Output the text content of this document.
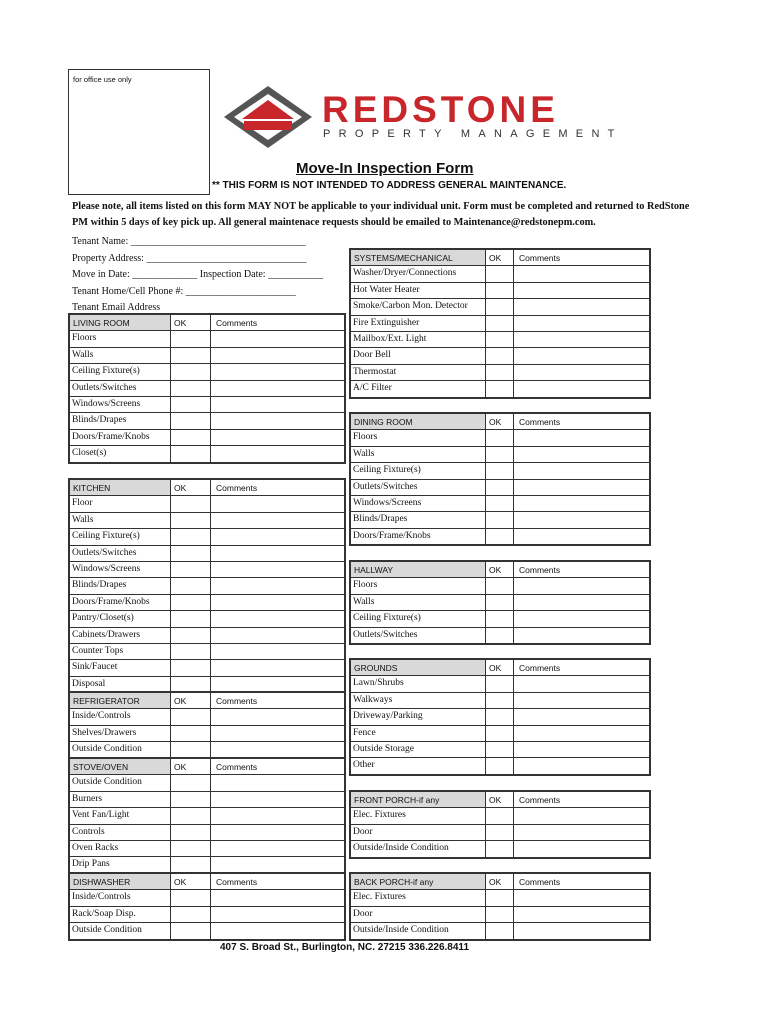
for office use only
REDSTONE
PROPERTY MANAGEMENT
Move-In Inspection Form
** THIS FORM IS NOT INTENDED TO ADDRESS GENERAL MAINTENANCE.
Please note, all items listed on this form MAY NOT be applicable to your individual unit. Form must be completed and returned to RedStone PM within 5 days of key pick up. All general maintenace requests should be emailed to Maintenance@redstonepm.com.
Tenant Name: ___________________________________
Property Address: ________________________________
Move in Date: _____________ Inspection Date: ___________
Tenant Home/Cell Phone #: ______________________
Tenant Email Address
LIVING ROOM	OK	Comments
Floors
Walls
Ceiling Fixture(s)
Outlets/Switches
Windows/Screens
Blinds/Drapes
Doors/Frame/Knobs
Closet(s)
KITCHEN	OK	Comments
Floor
Walls
Ceiling Fixture(s)
Outlets/Switches
Windows/Screens
Blinds/Drapes
Doors/Frame/Knobs
Pantry/Closet(s)
Cabinets/Drawers
Counter Tops
Sink/Faucet
Disposal
REFRIGERATOR	OK	Comments
Inside/Controls
Shelves/Drawers
Outside Condition
STOVE/OVEN	OK	Comments
Outside Condition
Burners
Vent Fan/Light
Controls
Oven Racks
Drip Pans
DISHWASHER	OK	Comments
Inside/Controls
Rack/Soap Disp.
Outside Condition
SYSTEMS/MECHANICAL	OK Comments
Washer/Dryer/Connections
Hot Water Heater
Smoke/Carbon Mon. Detector
Fire Extinguisher
Mailbox/Ext. Light
Door Bell
Thermostat
A/C Filter
DINING ROOM	OK Comments
Floors
Walls
Ceiling Fixture(s)
Outlets/Switches
Windows/Screens
Blinds/Drapes
Doors/Frame/Knobs
HALLWAY	OK Comments
Floors
Walls
Ceiling Fixture(s)
Outlets/Switches
GROUNDS	OK Comments
Lawn/Shrubs
Walkways
Driveway/Parking
Fence
Outside Storage
Other
FRONT PORCH-if any	OK Comments
Elec. Fixtures
Door
Outside/Inside Condition
BACK PORCH-if any	OK Comments
Elec. Fixtures
Door
Outside/Inside Condition
407 S. Broad St., Burlington, NC. 27215 336.226.8411
